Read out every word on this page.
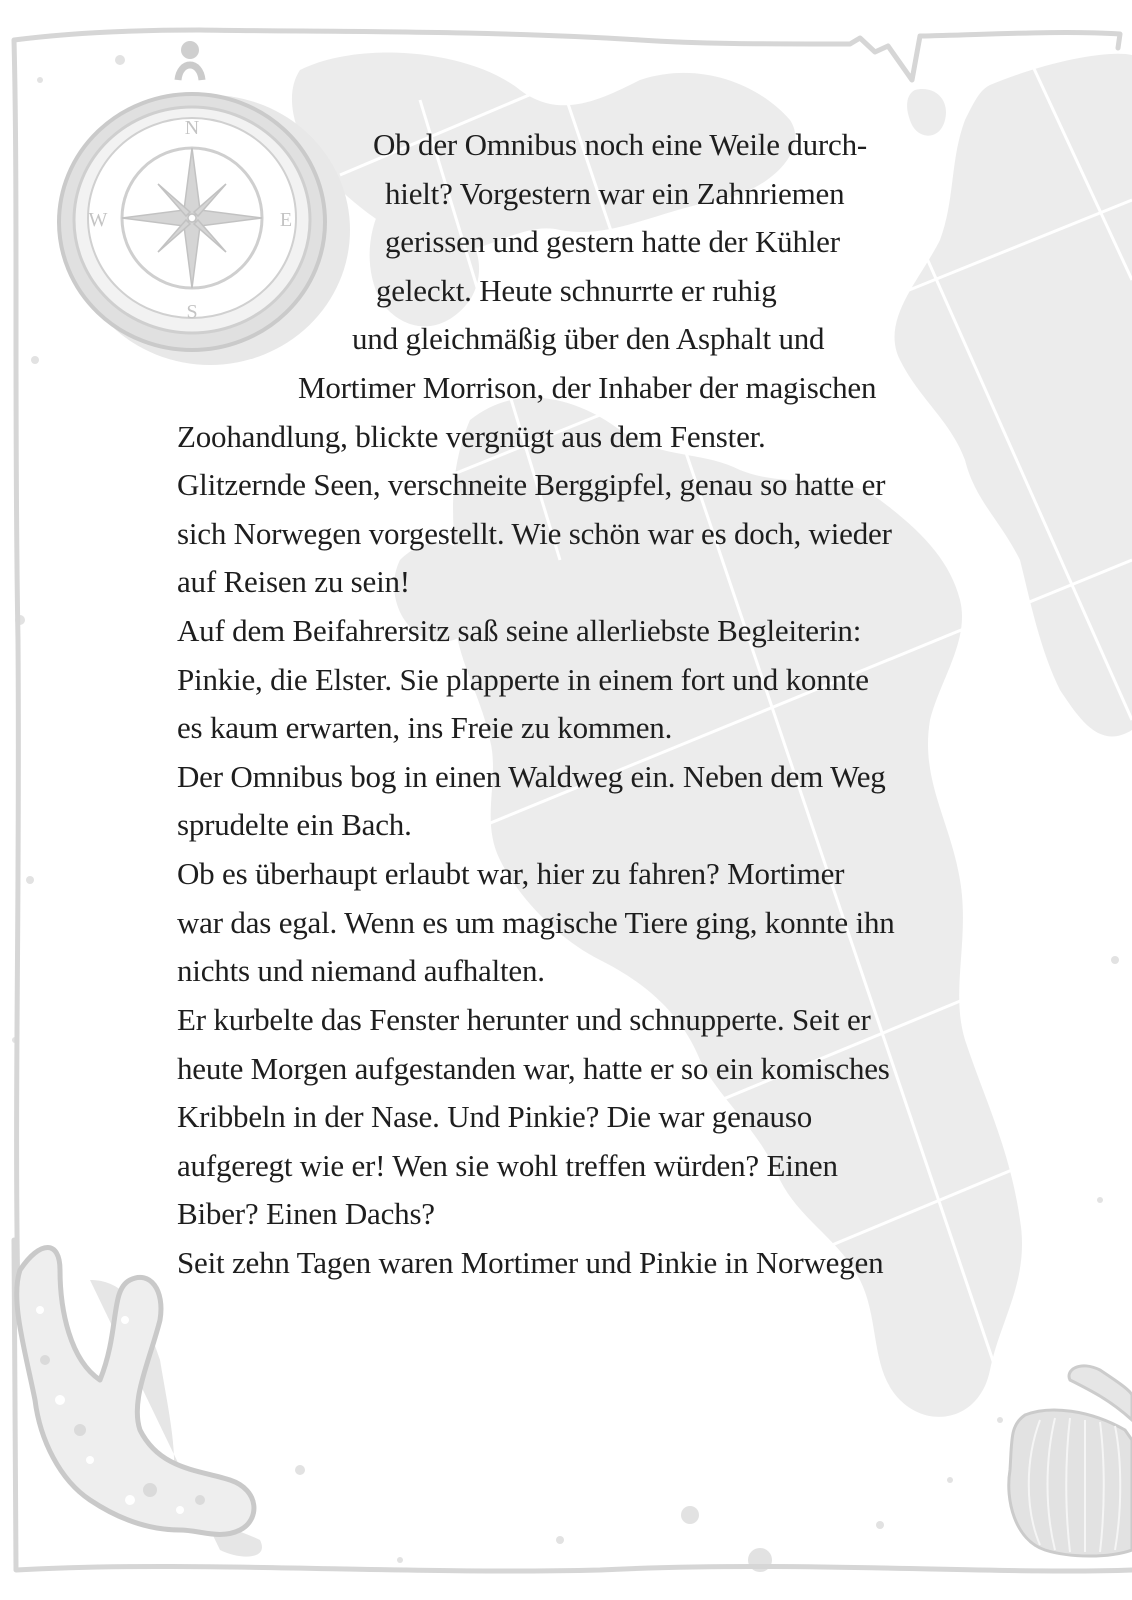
N
S
E
W
Ob der Omnibus noch eine Weile durch-
hielt? Vorgestern war ein Zahnriemen
gerissen und gestern hatte der Kühler
geleckt. Heute schnurrte er ruhig
und gleichmäßig über den Asphalt und
Mortimer Morrison, der Inhaber der magischen
Zoohandlung, blickte vergnügt aus dem Fenster.
Glitzernde Seen, verschneite Berggipfel, genau so hatte er
sich Norwegen vorgestellt. Wie schön war es doch, wieder
auf Reisen zu sein!
Auf dem Beifahrersitz saß seine allerliebste Begleiterin:
Pinkie, die Elster. Sie plapperte in einem fort und konnte
es kaum erwarten, ins Freie zu kommen.
Der Omnibus bog in einen Waldweg ein. Neben dem Weg
sprudelte ein Bach.
Ob es überhaupt erlaubt war, hier zu fahren? Mortimer
war das egal. Wenn es um magische Tiere ging, konnte ihn
nichts und niemand aufhalten.
Er kurbelte das Fenster herunter und schnupperte. Seit er
heute Morgen aufgestanden war, hatte er so ein komisches
Kribbeln in der Nase. Und Pinkie? Die war genauso
aufgeregt wie er! Wen sie wohl treffen würden? Einen
Biber? Einen Dachs?
Seit zehn Tagen waren Mortimer und Pinkie in Norwegen
